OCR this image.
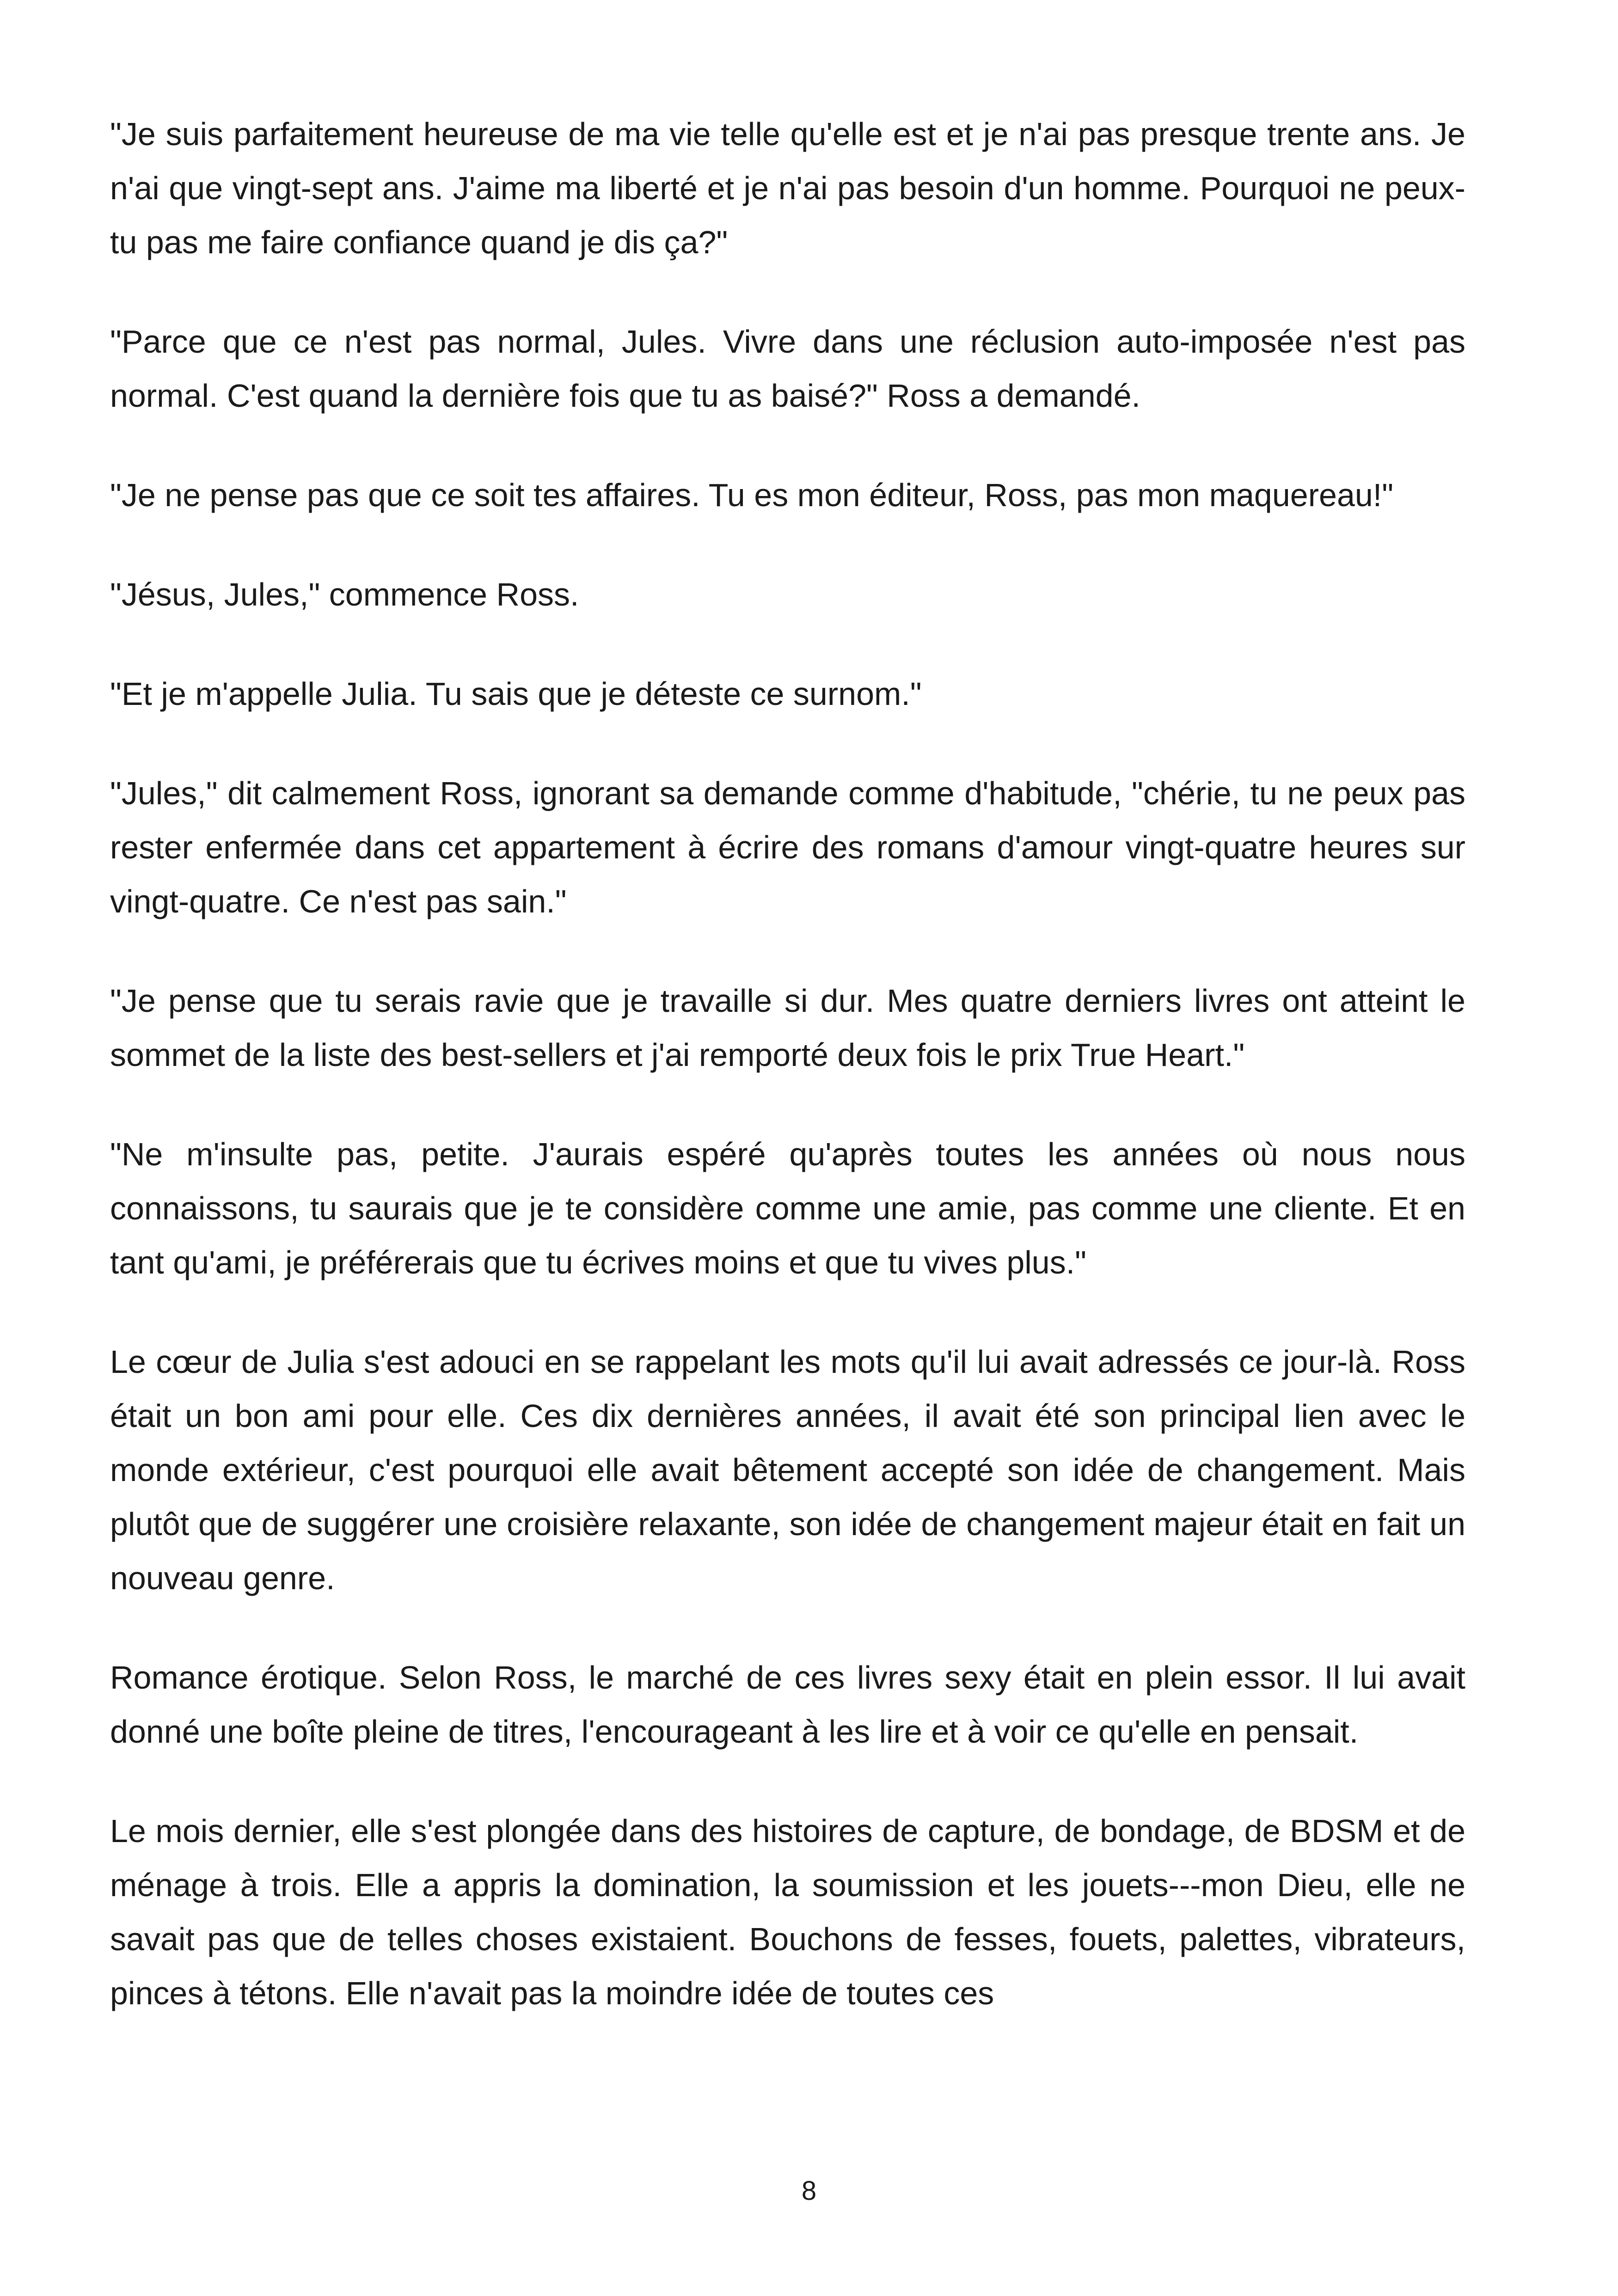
"Je suis parfaitement heureuse de ma vie telle qu'elle est et je n'ai pas presque trente ans. Je n'ai que vingt-sept ans. J'aime ma liberté et je n'ai pas besoin d'un homme. Pourquoi ne peux-tu pas me faire confiance quand je dis ça?"

"Parce que ce n'est pas normal, Jules. Vivre dans une réclusion auto-imposée n'est pas normal. C'est quand la dernière fois que tu as baisé?" Ross a demandé.

"Je ne pense pas que ce soit tes affaires. Tu es mon éditeur, Ross, pas mon maquereau!"

"Jésus, Jules," commence Ross.

"Et je m'appelle Julia. Tu sais que je déteste ce surnom."

"Jules," dit calmement Ross, ignorant sa demande comme d'habitude, "chérie, tu ne peux pas rester enfermée dans cet appartement à écrire des romans d'amour vingt-quatre heures sur vingt-quatre. Ce n'est pas sain."

"Je pense que tu serais ravie que je travaille si dur. Mes quatre derniers livres ont atteint le sommet de la liste des best-sellers et j'ai remporté deux fois le prix True Heart."

"Ne m'insulte pas, petite. J'aurais espéré qu'après toutes les années où nous nous connaissons, tu saurais que je te considère comme une amie, pas comme une cliente. Et en tant qu'ami, je préférerais que tu écrives moins et que tu vives plus."

Le cœur de Julia s'est adouci en se rappelant les mots qu'il lui avait adressés ce jour-là. Ross était un bon ami pour elle. Ces dix dernières années, il avait été son principal lien avec le monde extérieur, c'est pourquoi elle avait bêtement accepté son idée de changement. Mais plutôt que de suggérer une croisière relaxante, son idée de changement majeur était en fait un nouveau genre.

Romance érotique. Selon Ross, le marché de ces livres sexy était en plein essor. Il lui avait donné une boîte pleine de titres, l'encourageant à les lire et à voir ce qu'elle en pensait.

Le mois dernier, elle s'est plongée dans des histoires de capture, de bondage, de BDSM et de ménage à trois. Elle a appris la domination, la soumission et les jouets---mon Dieu, elle ne savait pas que de telles choses existaient. Bouchons de fesses, fouets, palettes, vibrateurs, pinces à tétons. Elle n'avait pas la moindre idée de toutes ces

8
